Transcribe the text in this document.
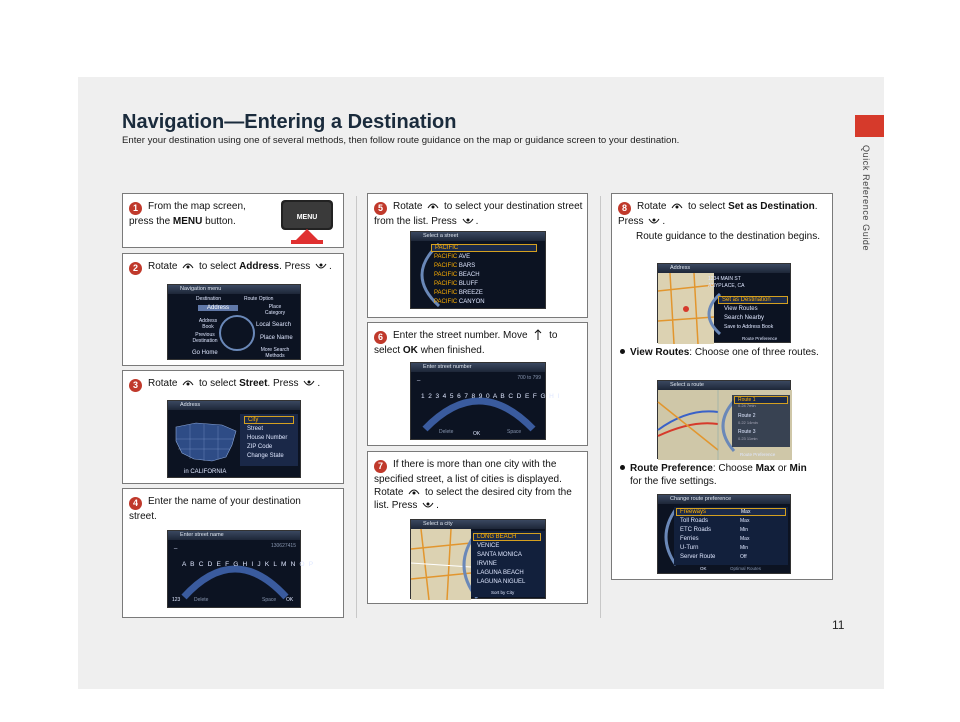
Navigation—Entering a Destination
Enter your destination using one of several methods, then follow route guidance on the map or guidance screen to your destination.
Quick Reference Guide
11
1 From the map screen, press the MENU button.	MENU
2 Rotate to select Address. Press .
Navigation menu
Destination	Route Option
Address	Place Category
Address Book	Local Search
Previous Destination	Place Name
Go Home	More Search Methods
3 Rotate to select Street. Press .
Address
in CALIFORNIA
City
Street
House Number
ZIP Code
Change State
4 Enter the name of your destination street.
Enter street name
_	130627415
A B C D E F G H I J K L M N O P
123	Delete	Space OK
5 Rotate to select your destination street from the list. Press .
Select a street
PACIFIC
PACIFIC AVE
PACIFIC BARS
PACIFIC BEACH
PACIFIC BLUFF
PACIFIC BREEZE
PACIFIC CANYON
6 Enter the street number. Move to select OK when finished.
Enter street number
_	700 to 799
1 2 3 4 5 6 7 8 9 0 A B C D E F G H I
Delete	OK	Space
7 If there is more than one city with the specified street, a list of cities is displayed. Rotate to select the desired city from the list. Press .
Select a city
LONG BEACH
VENICE
SANTA MONICA
IRVINE
LAGUNA BEACH
LAGUNA NIGUEL
Sort by City
8 Rotate to select Set as Destination. Press .
Route guidance to the destination begins.
Address
1234 MAIN ST
ANYPLACE, CA
Set as Destination
View Routes
Search Nearby
Save to Address Book
Route Preference
View Routes: Choose one of three routes.
Select a route
Route 1
0.24 7min
Route 2
0.22 14min
Route 3
0.23 11min
Route Preference
Route Preference: Choose Max or Min for the five settings.
Change route preference
Freeways	Max
Toll Roads	Max
ETC Roads	Min
Ferries	Max
U-Turn	Min
Server Route	Off
OK	Optimal Routes
